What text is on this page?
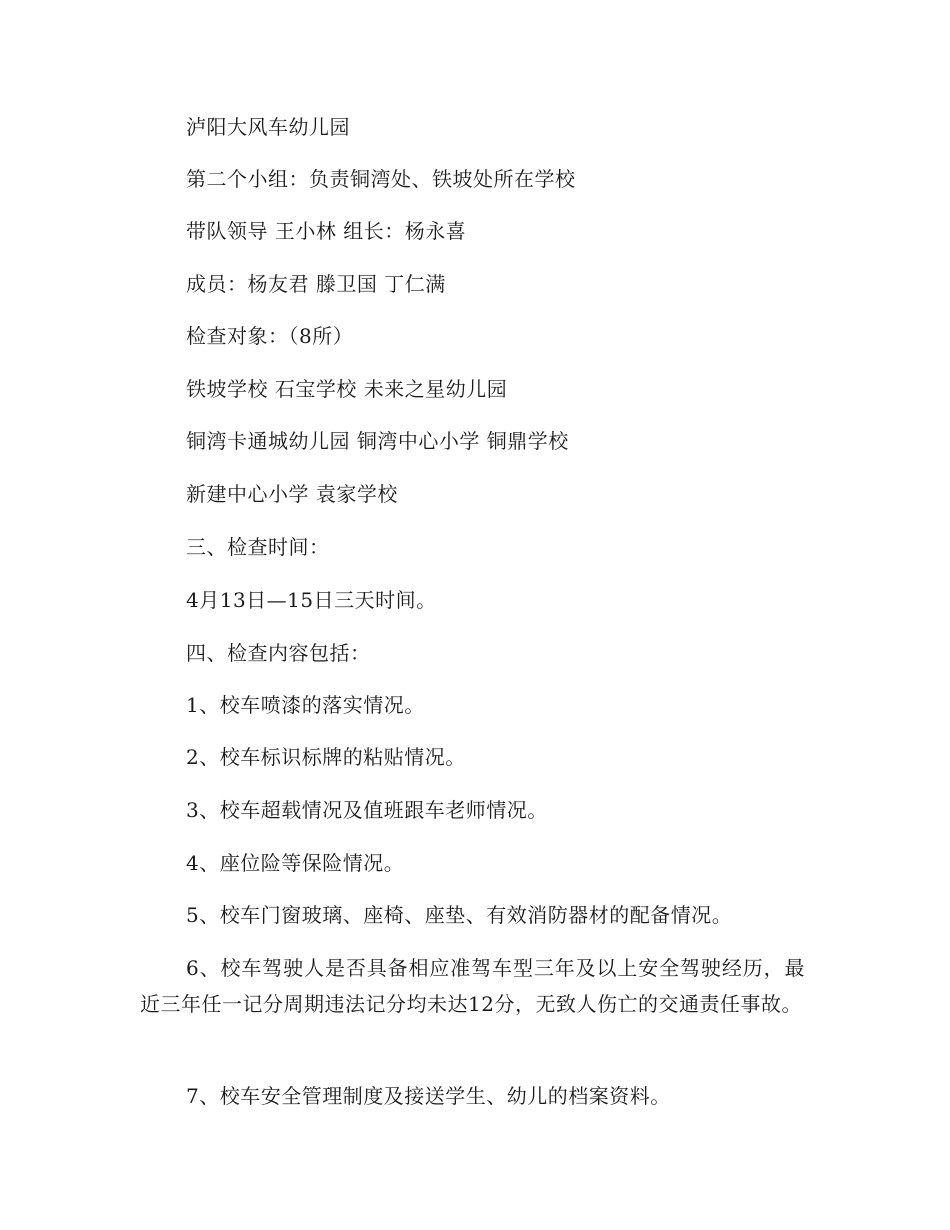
泸阳大风车幼儿园
第二个小组：负责铜湾处、铁坡处所在学校
带队领导 王小林 组长：杨永喜
成员：杨友君 滕卫国 丁仁满
检查对象：（8所）
铁坡学校 石宝学校 未来之星幼儿园
铜湾卡通城幼儿园 铜湾中心小学 铜鼎学校
新建中心小学 袁家学校
三、检查时间：
4月13日—15日三天时间。
四、检查内容包括：
1、校车喷漆的落实情况。
2、校车标识标牌的粘贴情况。
3、校车超载情况及值班跟车老师情况。
4、座位险等保险情况。
5、校车门窗玻璃、座椅、座垫、有效消防器材的配备情况。
6、校车驾驶人是否具备相应准驾车型三年及以上安全驾驶经历，最近三年任一记分周期违法记分均未达12分，无致人伤亡的交通责任事故。
7、校车安全管理制度及接送学生、幼儿的档案资料。
